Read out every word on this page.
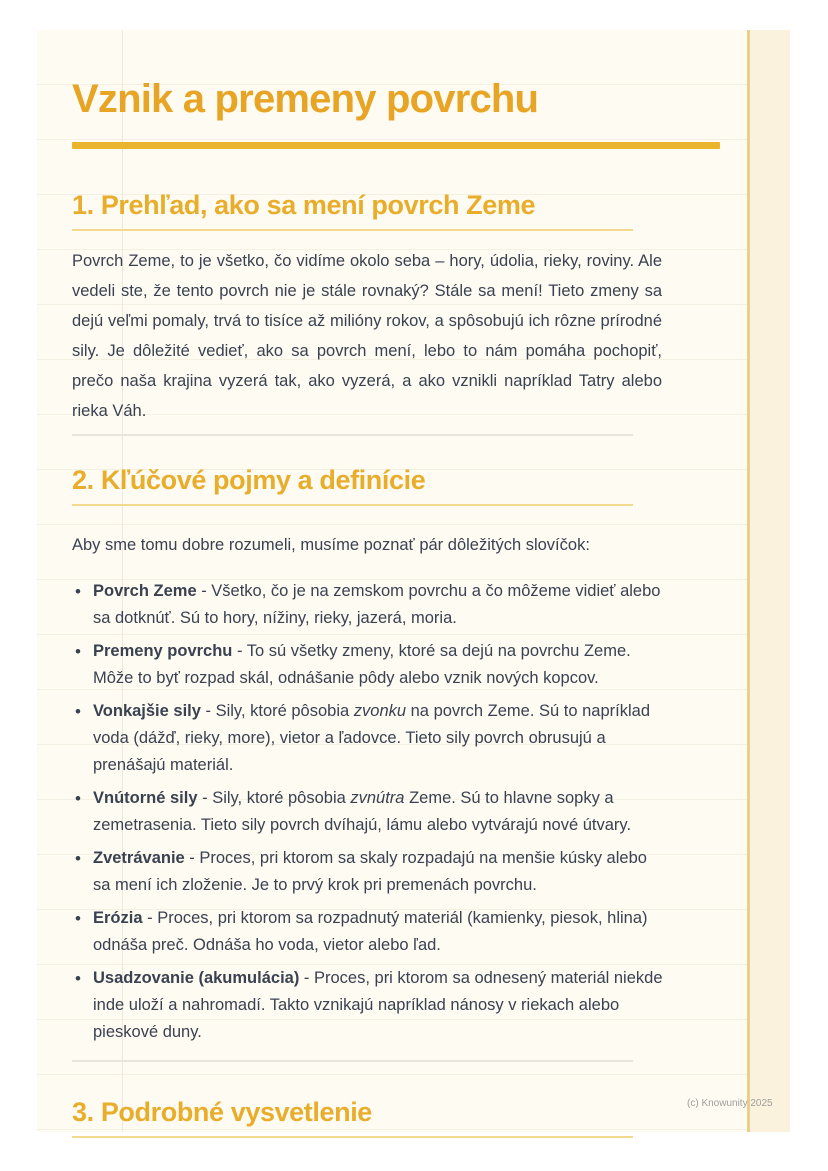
Vznik a premeny povrchu
1. Prehľad, ako sa mení povrch Zeme

Povrch Zeme, to je všetko, čo vidíme okolo seba – hory, údolia, rieky, roviny. Ale vedeli ste, že tento povrch nie je stále rovnaký? Stále sa mení! Tieto zmeny sa dejú veľmi pomaly, trvá to tisíce až milióny rokov, a spôsobujú ich rôzne prírodné sily. Je dôležité vedieť, ako sa povrch mení, lebo to nám pomáha pochopiť, prečo naša krajina vyzerá tak, ako vyzerá, a ako vznikli napríklad Tatry alebo rieka Váh.

2. Kľúčové pojmy a definície

Aby sme tomu dobre rozumeli, musíme poznať pár dôležitých slovíčok:

• Povrch Zeme - Všetko, čo je na zemskom povrchu a čo môžeme vidieť alebo sa dotknúť. Sú to hory, nížiny, rieky, jazerá, moria.
• Premeny povrchu - To sú všetky zmeny, ktoré sa dejú na povrchu Zeme. Môže to byť rozpad skál, odnášanie pôdy alebo vznik nových kopcov.
• Vonkajšie sily - Sily, ktoré pôsobia zvonku na povrch Zeme. Sú to napríklad voda (dážď, rieky, more), vietor a ľadovce. Tieto sily povrch obrusujú a prenášajú materiál.
• Vnútorné sily - Sily, ktoré pôsobia zvnútra Zeme. Sú to hlavne sopky a zemetrasenia. Tieto sily povrch dvíhajú, lámu alebo vytvárajú nové útvary.
• Zvetrávanie - Proces, pri ktorom sa skaly rozpadajú na menšie kúsky alebo sa mení ich zloženie. Je to prvý krok pri premenách povrchu.
• Erózia - Proces, pri ktorom sa rozpadnutý materiál (kamienky, piesok, hlina) odnáša preč. Odnáša ho voda, vietor alebo ľad.
• Usadzovanie (akumulácia) - Proces, pri ktorom sa odnesený materiál niekde inde uloží a nahromadí. Takto vznikajú napríklad nánosy v riekach alebo pieskové duny.
3. Podrobné vysvetlenie	(c) Knowunity 2025
